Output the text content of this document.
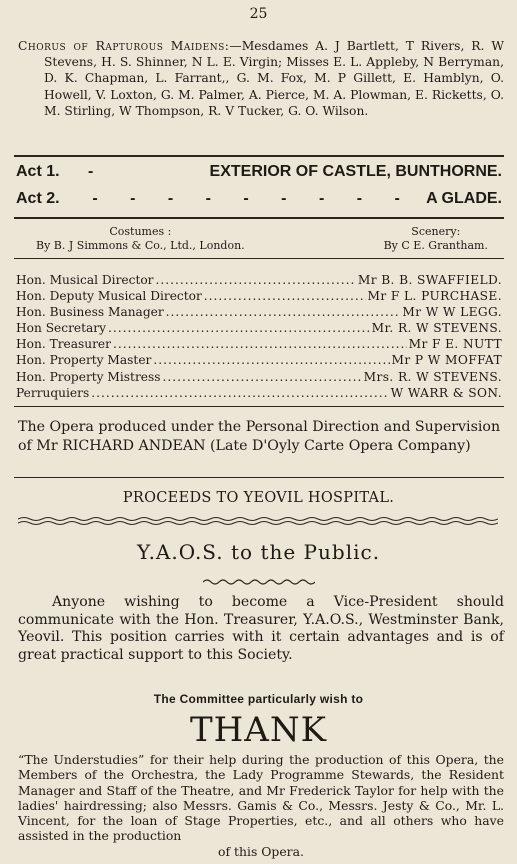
25

Chorus of Rapturous Maidens:—Mesdames A. J Bartlett, T Rivers, R. W Stevens, H. S. Shinner, N L. E. Virgin; Misses E. L. Appleby, N Berryman, D. K. Chapman, L. Farrant,, G. M. Fox, M. P Gillett, E. Hamblyn, O. Howell, V. Loxton, G. M. Palmer, A. Pierce, M. A. Plowman, E. Ricketts, O. M. Stirling, W Thompson, R. V Tucker, G. O. Wilson.

Act 1.	-	EXTERIOR OF CASTLE, BUNTHORNE.
Act 2.	- - - - - - - - - A GLADE.
Costumes :
By B. J Simmons & Co., Ltd., London.
Scenery:
By C E. Grantham.
Hon. Musical Director .....	Mr B. B. SWAFFIELD.
Hon. Deputy Musical Director .....	Mr F L. PURCHASE.
Hon. Business Manager .....	Mr W W LEGG.
Hon Secretary .....	Mr. R. W STEVENS.
Hon. Treasurer .....	Mr F E. NUTT
Hon. Property Master .....	Mr P W MOFFAT
Hon. Property Mistress .....	Mrs. R. W STEVENS.
Perruquiers .....	W WARR & SON.
The Opera produced under the Personal Direction and Supervision of Mr RICHARD ANDEAN (Late D'Oyly Carte Opera Company)
PROCEEDS TO YEOVIL HOSPITAL.
Y.A.O.S. to the Public.

Anyone wishing to become a Vice-President should communicate with the Hon. Treasurer, Y.A.O.S., Westminster Bank, Yeovil. This position carries with it certain advantages and is of great practical support to this Society.

The Committee particularly wish to
THANK

“The Understudies” for their help during the production of this Opera, the Members of the Orchestra, the Lady Programme Stewards, the Resident Manager and Staff of the Theatre, and Mr Frederick Taylor for help with the ladies' hairdressing; also Messrs. Gamis & Co., Messrs. Jesty & Co., Mr. L. Vincent, for the loan of Stage Properties, etc., and all others who have assisted in the production

of this Opera.
